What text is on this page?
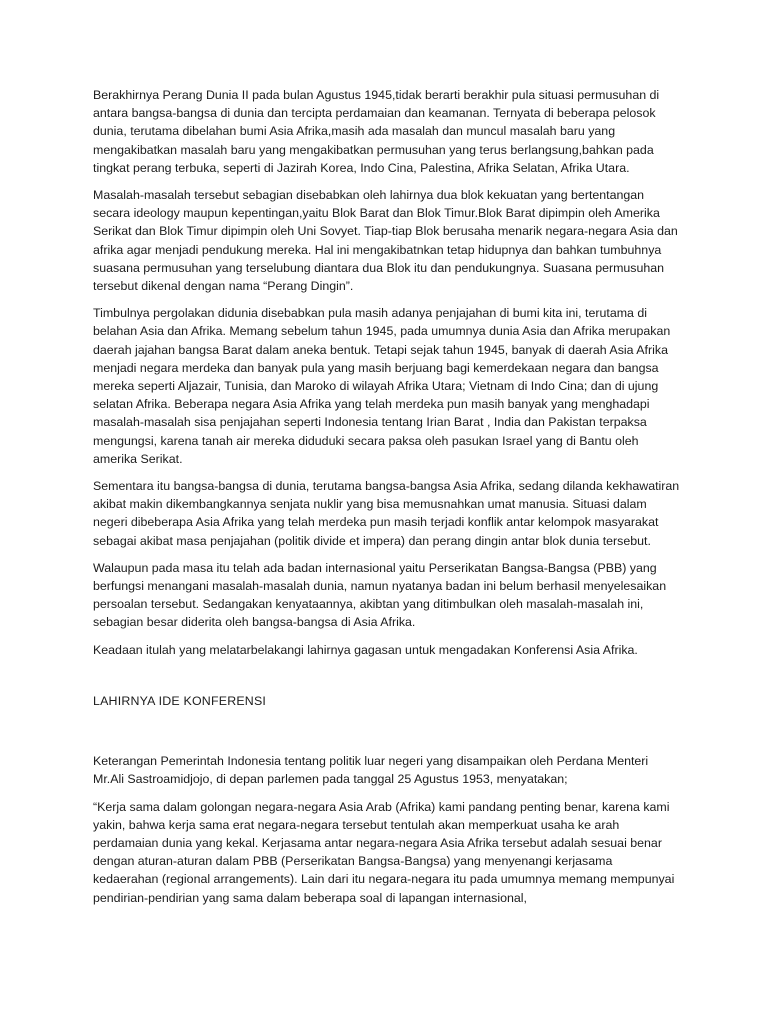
Berakhirnya Perang Dunia II pada bulan Agustus 1945,tidak berarti berakhir pula situasi permusuhan di antara bangsa-bangsa di dunia dan tercipta perdamaian dan keamanan. Ternyata di beberapa pelosok dunia, terutama dibelahan bumi Asia Afrika,masih ada masalah dan muncul masalah baru yang mengakibatkan masalah baru yang mengakibatkan permusuhan yang terus berlangsung,bahkan pada tingkat perang terbuka, seperti di Jazirah Korea, Indo Cina, Palestina, Afrika Selatan, Afrika Utara.

Masalah-masalah tersebut sebagian disebabkan oleh lahirnya dua blok kekuatan yang bertentangan secara ideology maupun kepentingan,yaitu Blok Barat dan Blok Timur.Blok Barat dipimpin oleh Amerika Serikat dan Blok Timur dipimpin oleh Uni Sovyet. Tiap-tiap Blok berusaha menarik negara-negara Asia dan afrika agar menjadi pendukung mereka. Hal ini mengakibatnkan tetap hidupnya dan bahkan tumbuhnya suasana permusuhan yang terselubung diantara dua Blok itu dan pendukungnya. Suasana permusuhan tersebut dikenal dengan nama “Perang Dingin”.

Timbulnya pergolakan didunia disebabkan pula masih adanya penjajahan di bumi kita ini, terutama di belahan Asia dan Afrika. Memang sebelum tahun 1945, pada umumnya dunia Asia dan Afrika merupakan daerah jajahan bangsa Barat dalam aneka bentuk. Tetapi sejak tahun 1945, banyak di daerah Asia Afrika menjadi negara merdeka dan banyak pula yang masih berjuang bagi kemerdekaan negara dan bangsa mereka seperti Aljazair, Tunisia, dan Maroko di wilayah Afrika Utara; Vietnam di Indo Cina; dan di ujung selatan Afrika. Beberapa negara Asia Afrika yang telah merdeka pun masih banyak yang menghadapi masalah-masalah sisa penjajahan seperti Indonesia tentang Irian Barat , India dan Pakistan terpaksa mengungsi, karena tanah air mereka diduduki secara paksa oleh pasukan Israel yang di Bantu oleh amerika Serikat.

Sementara itu bangsa-bangsa di dunia, terutama bangsa-bangsa Asia Afrika, sedang dilanda kekhawatiran akibat makin dikembangkannya senjata nuklir yang bisa memusnahkan umat manusia. Situasi dalam negeri dibeberapa Asia Afrika yang telah merdeka pun masih terjadi konflik antar kelompok masyarakat sebagai akibat masa penjajahan (politik divide et impera) dan perang dingin antar blok dunia tersebut.

Walaupun pada masa itu telah ada badan internasional yaitu Perserikatan Bangsa-Bangsa (PBB) yang berfungsi menangani masalah-masalah dunia, namun nyatanya badan ini belum berhasil menyelesaikan persoalan tersebut. Sedangakan kenyataannya, akibtan yang ditimbulkan oleh masalah-masalah ini, sebagian besar diderita oleh bangsa-bangsa di Asia Afrika.

Keadaan itulah yang melatarbelakangi lahirnya gagasan untuk mengadakan Konferensi Asia Afrika.

LAHIRNYA IDE KONFERENSI

Keterangan Pemerintah Indonesia tentang politik luar negeri yang disampaikan oleh Perdana Menteri Mr.Ali Sastroamidjojo, di depan parlemen pada tanggal 25 Agustus 1953, menyatakan;

“Kerja sama dalam golongan negara-negara Asia Arab (Afrika) kami pandang penting benar, karena kami yakin, bahwa kerja sama erat negara-negara tersebut tentulah akan memperkuat usaha ke arah perdamaian dunia yang kekal. Kerjasama antar negara-negara Asia Afrika tersebut adalah sesuai benar dengan aturan-aturan dalam PBB (Perserikatan Bangsa-Bangsa) yang menyenangi kerjasama kedaerahan (regional arrangements). Lain dari itu negara-negara itu pada umumnya memang mempunyai pendirian-pendirian yang sama dalam beberapa soal di lapangan internasional,
